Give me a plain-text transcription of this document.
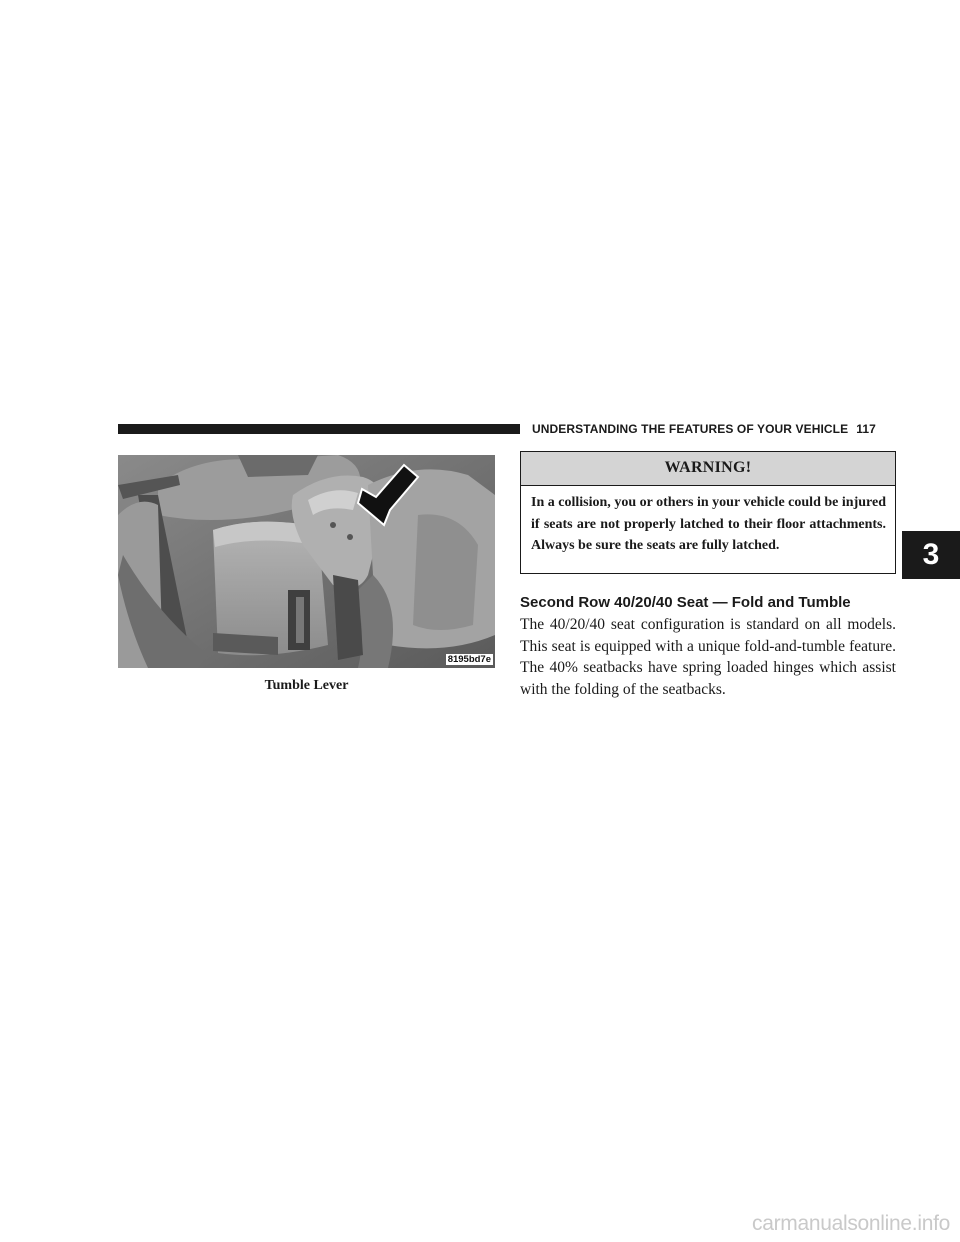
UNDERSTANDING THE FEATURES OF YOUR VEHICLE 117
8195bd7e
Tumble Lever
WARNING!
In a collision, you or others in your vehicle could be injured if seats are not properly latched to their floor attachments. Always be sure the seats are fully latched.
Second Row 40/20/40 Seat — Fold and Tumble
The 40/20/40 seat configuration is standard on all models. This seat is equipped with a unique fold-and-tumble feature. The 40% seatbacks have spring loaded hinges which assist with the folding of the seatbacks.
3
carmanualsonline.info
